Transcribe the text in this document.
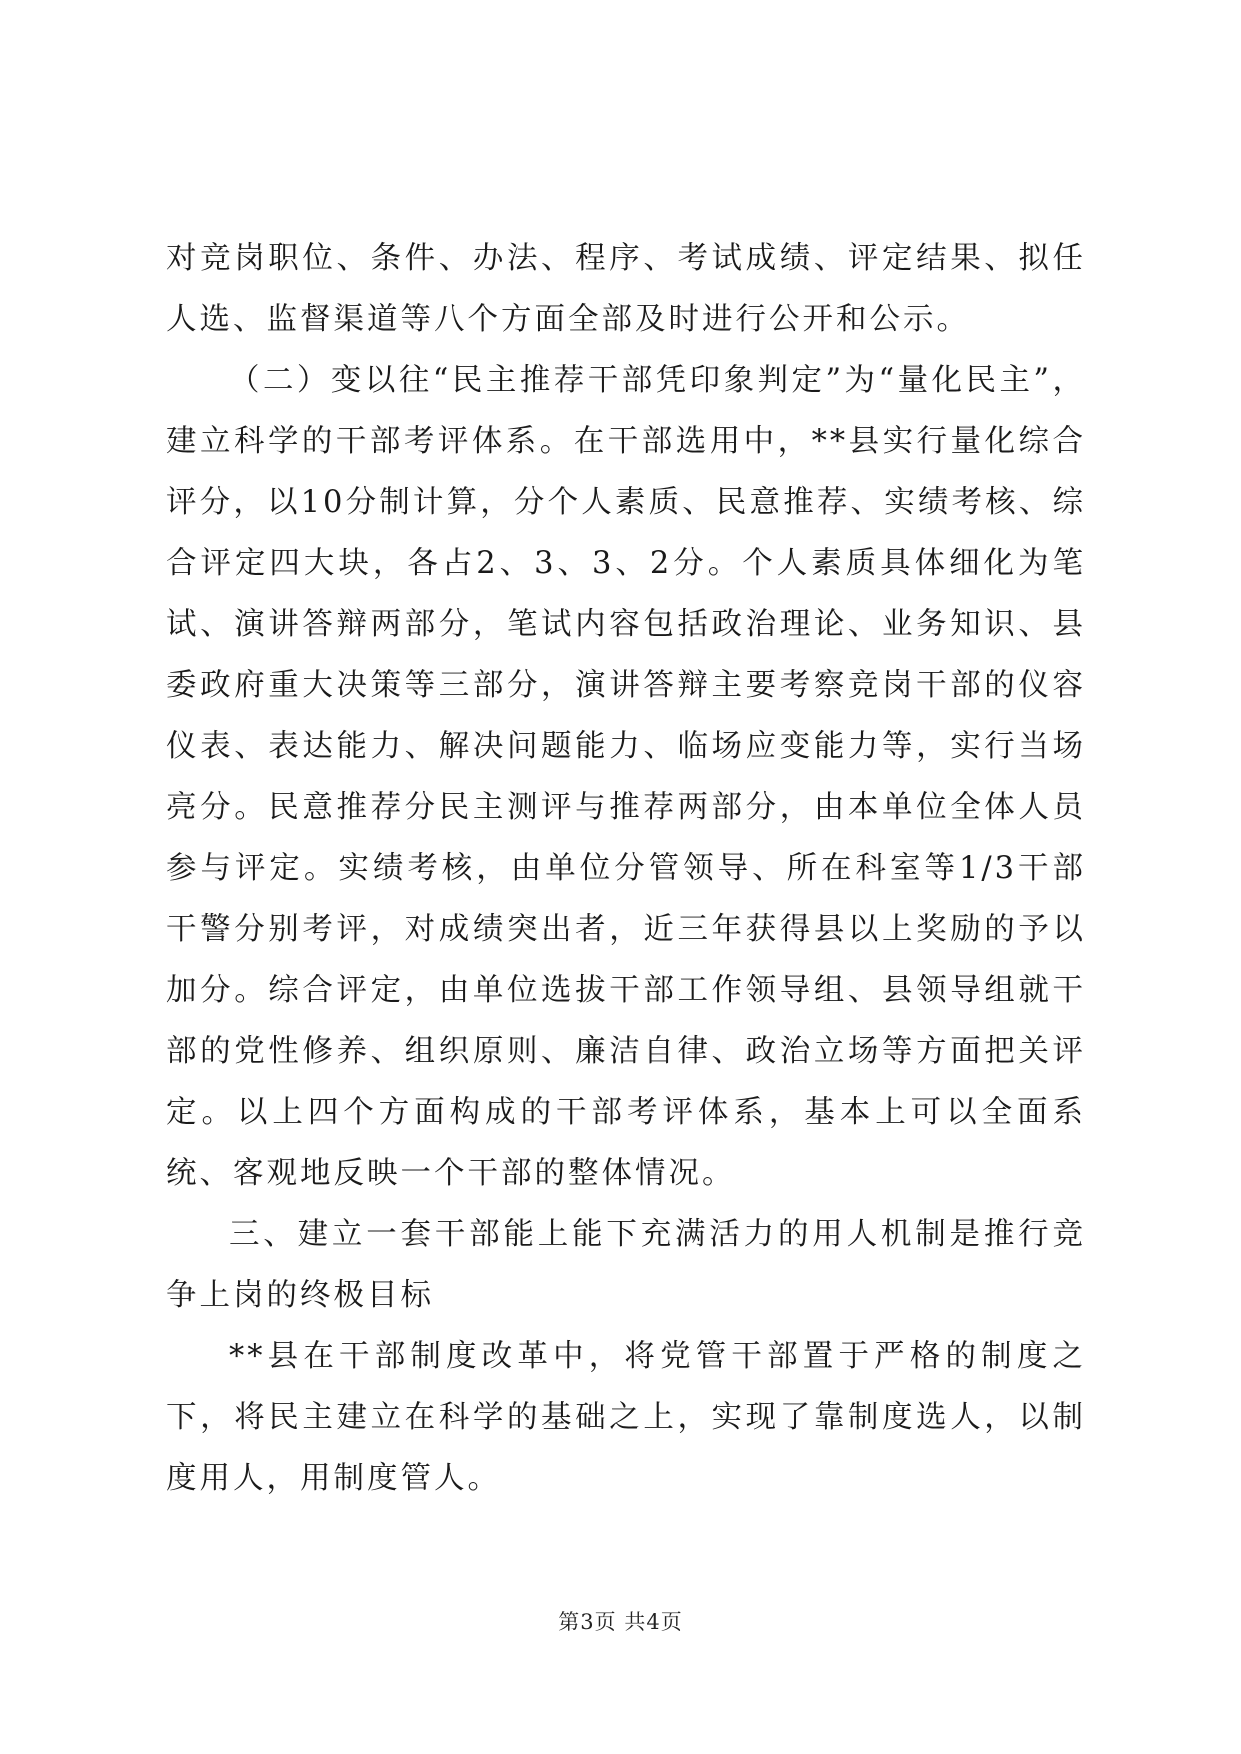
对竞岗职位、条件、办法、程序、考试成绩、评定结果、拟任人选、监督渠道等八个方面全部及时进行公开和公示。

（二）变以往“民主推荐干部凭印象判定”为“量化民主”，建立科学的干部考评体系。在干部选用中，**县实行量化综合评分，以10分制计算，分个人素质、民意推荐、实绩考核、综合评定四大块，各占2、3、3、2分。个人素质具体细化为笔试、演讲答辩两部分，笔试内容包括政治理论、业务知识、县委政府重大决策等三部分，演讲答辩主要考察竞岗干部的仪容仪表、表达能力、解决问题能力、临场应变能力等，实行当场亮分。民意推荐分民主测评与推荐两部分，由本单位全体人员参与评定。实绩考核，由单位分管领导、所在科室等1/3干部干警分别考评，对成绩突出者，近三年获得县以上奖励的予以加分。综合评定，由单位选拔干部工作领导组、县领导组就干部的党性修养、组织原则、廉洁自律、政治立场等方面把关评定。以上四个方面构成的干部考评体系，基本上可以全面系统、客观地反映一个干部的整体情况。

三、建立一套干部能上能下充满活力的用人机制是推行竞争上岗的终极目标

**县在干部制度改革中，将党管干部置于严格的制度之下，将民主建立在科学的基础之上，实现了靠制度选人，以制度用人，用制度管人。

第3页 共4页
